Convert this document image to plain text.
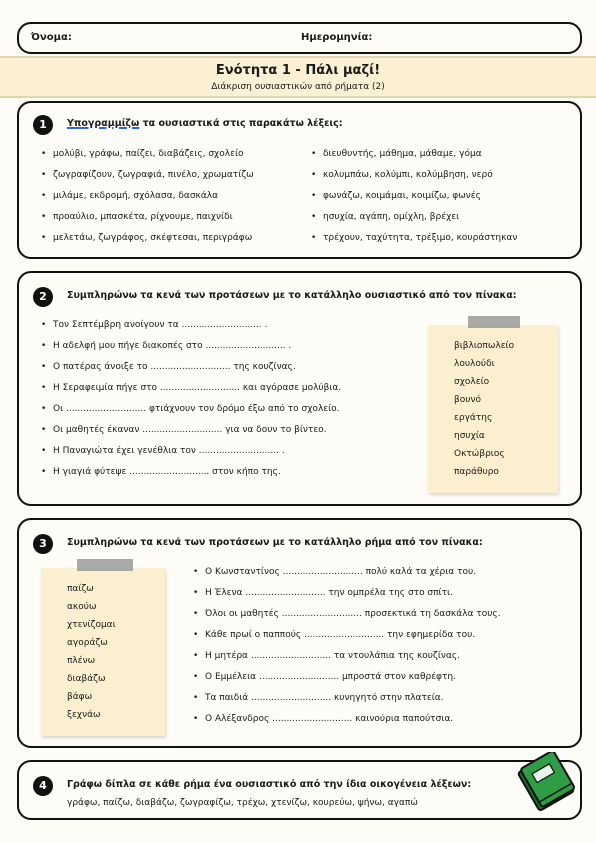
Όνομα:	Ημερομηνία:
Ενότητα 1 - Πάλι μαζί!
Διάκριση ουσιαστικών από ρήματα (2)
1	Υπογραμμίζω τα ουσιαστικά στις παρακάτω λέξεις:
• μολύβι, γράφω, παίζει, διαβάζεις, σχολείο
• ζωγραφίζουν, ζωγραφιά, πινέλο, χρωματίζω
• μιλάμε, εκδρομή, σχόλασα, δασκάλα
• προαύλιο, μπασκέτα, ρίχνουμε, παιχνίδι
• μελετάω, ζωγράφος, σκέφτεσαι, περιγράφω
• διευθυντής, μάθημα, μάθαμε, γόμα
• κολυμπάω, κολύμπι, κολύμβηση, νερό
• φωνάζω, κοιμάμαι, κοιμίζω, φωνές
• ησυχία, αγάπη, ομίχλη, βρέχει
• τρέχουν, ταχύτητα, τρέξιμο, κουράστηκαν
2	Συμπληρώνω τα κενά των προτάσεων με το κατάλληλο ουσιαστικό από τον πίνακα:
• Τον Σεπτέμβρη ανοίγουν τα ............................ .
• Η αδελφή μου πήγε διακοπές στο ............................ .
• Ο πατέρας άνοιξε το ............................ της κουζίνας.
• Η Σεραφειμία πήγε στο ............................ και αγόρασε μολύβια.
• Οι ............................ φτιάχνουν τον δρόμο έξω από το σχολείο.
• Οι μαθητές έκαναν ............................ για να δουν το βίντεο.
• Η Παναγιώτα έχει γενέθλια τον ............................ .
• Η γιαγιά φύτεψε ............................ στον κήπο της.
βιβλιοπωλείο
λουλούδι
σχολείο
βουνό
εργάτης
ησυχία
Οκτώβριος
παράθυρο
3	Συμπληρώνω τα κενά των προτάσεων με το κατάλληλο ρήμα από τον πίνακα:
παίζω
ακούω
χτενίζομαι
αγοράζω
πλένω
διαβάζω
βάφω
ξεχνάω
• Ο Κωνσταντίνος ............................ πολύ καλά τα χέρια του.
• Η Έλενα ............................ την ομπρέλα της στο σπίτι.
• Όλοι οι μαθητές ............................ προσεκτικά τη δασκάλα τους.
• Κάθε πρωί ο παππούς ............................ την εφημερίδα του.
• Η μητέρα ............................ τα ντουλάπια της κουζίνας.
• Ο Εμμέλεια ............................ μπροστά στον καθρέφτη.
• Τα παιδιά ............................ κυνηγητό στην πλατεία.
• Ο Αλέξανδρος ............................ καινούρια παπούτσια.
4	Γράφω δίπλα σε κάθε ρήμα ένα ουσιαστικό από την ίδια οικογένεια λέξεων:
γράφω, παίζω, διαβάζω, ζωγραφίζω, τρέχω, χτενίζω, κουρεύω, ψήνω, αγαπώ
